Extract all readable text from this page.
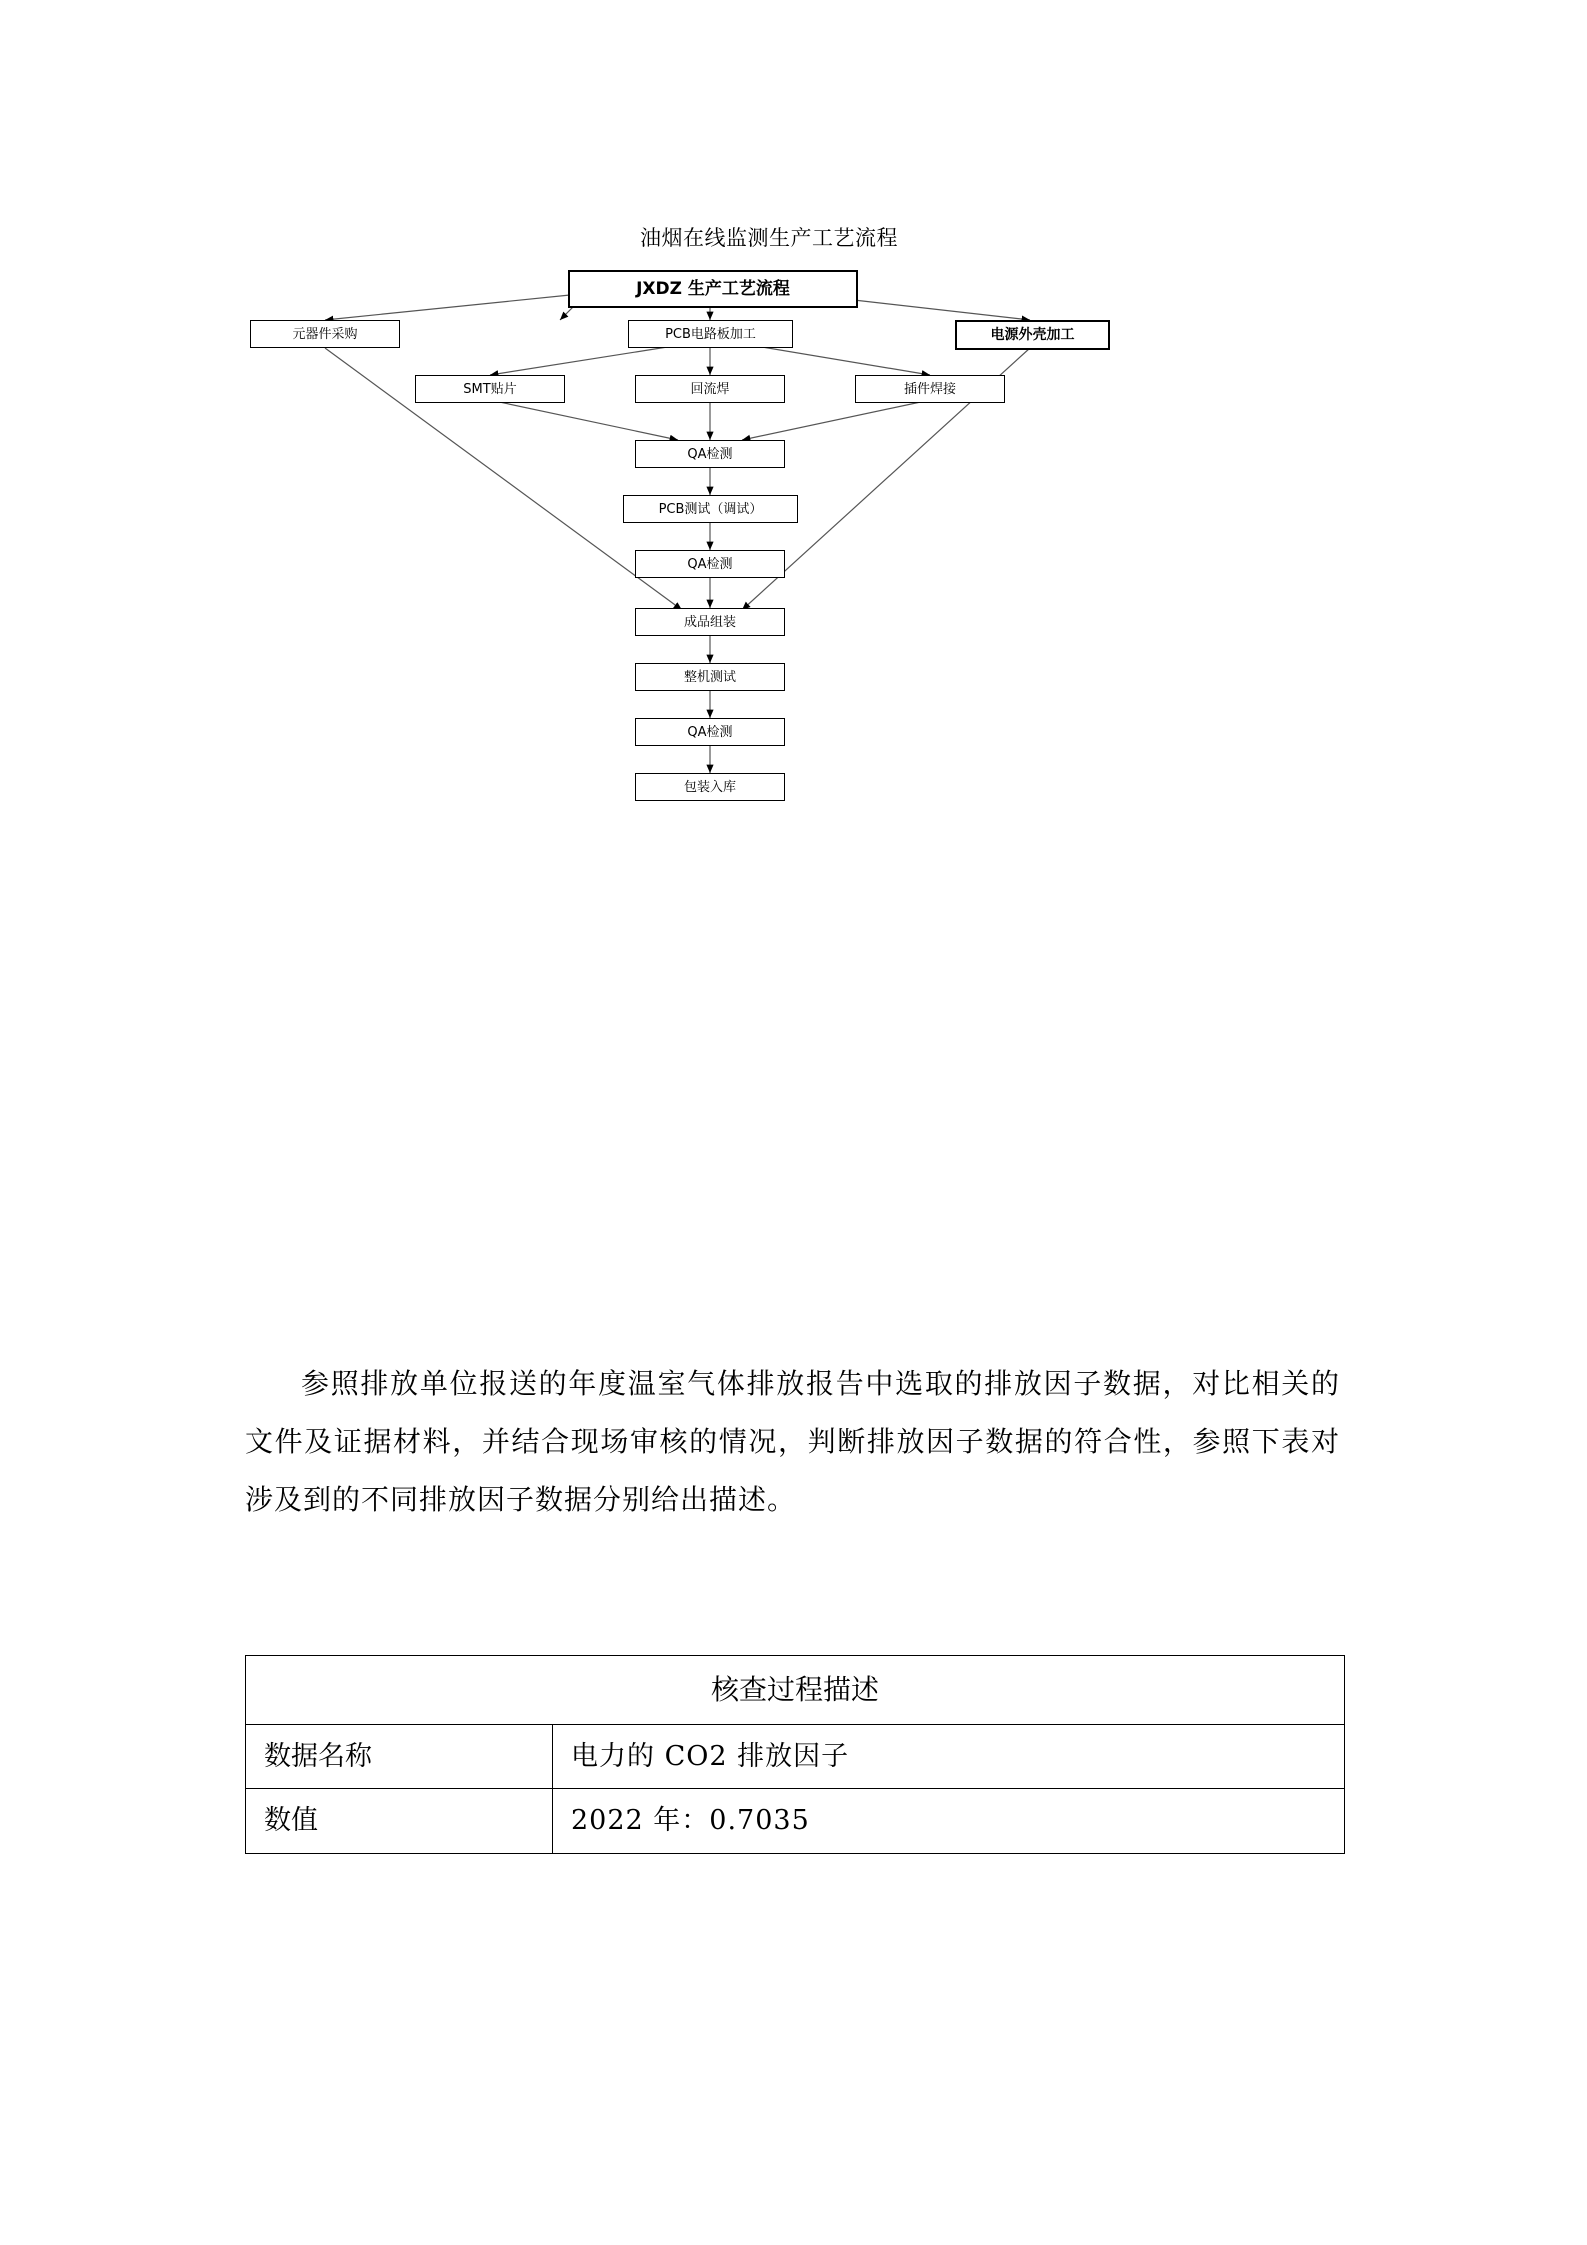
油烟在线监测生产工艺流程
JXDZ 生产工艺流程
元器件采购	PCB电路板加工	电源外壳加工
SMT贴片	回流焊	插件焊接
QA检测
PCB测试（调试）
QA检测
成品组装
整机测试
QA检测
包装入库
参照排放单位报送的年度温室气体排放报告中选取的排放因子数据，对比相关的文件及证据材料，并结合现场审核的情况，判断排放因子数据的符合性，参照下表对涉及到的不同排放因子数据分别给出描述。
核查过程描述	
数据名称	电力的 CO2 排放因子
数值	2022 年：0.7035
